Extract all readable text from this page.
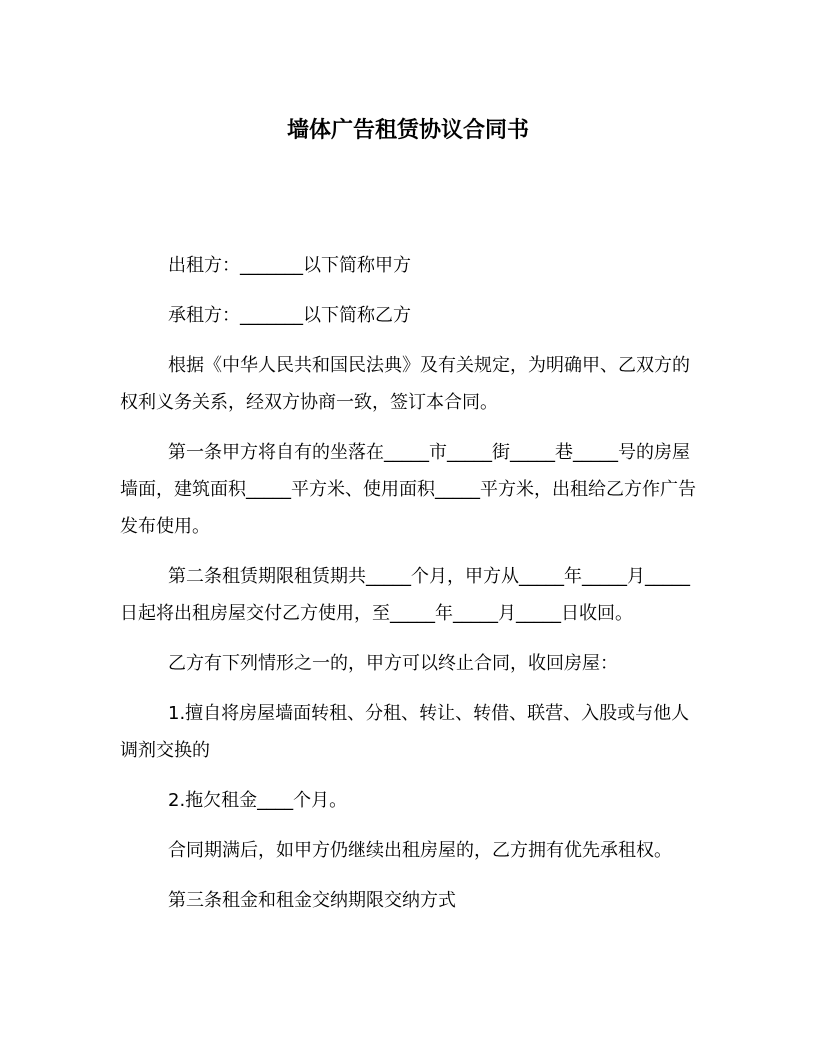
墙体广告租赁协议合同书

出租方：_______以下简称甲方

承租方：_______以下简称乙方

根据《中华人民共和国民法典》及有关规定，为明确甲、乙双方的权利义务关系，经双方协商一致，签订本合同。

第一条甲方将自有的坐落在_____市_____街_____巷_____号的房屋墙面，建筑面积_____平方米、使用面积_____平方米，出租给乙方作广告发布使用。

第二条租赁期限租赁期共_____个月，甲方从_____年_____月_____日起将出租房屋交付乙方使用，至_____年_____月_____日收回。

乙方有下列情形之一的，甲方可以终止合同，收回房屋：

1.擅自将房屋墙面转租、分租、转让、转借、联营、入股或与他人调剂交换的

2.拖欠租金____个月。

合同期满后，如甲方仍继续出租房屋的，乙方拥有优先承租权。

第三条租金和租金交纳期限交纳方式
